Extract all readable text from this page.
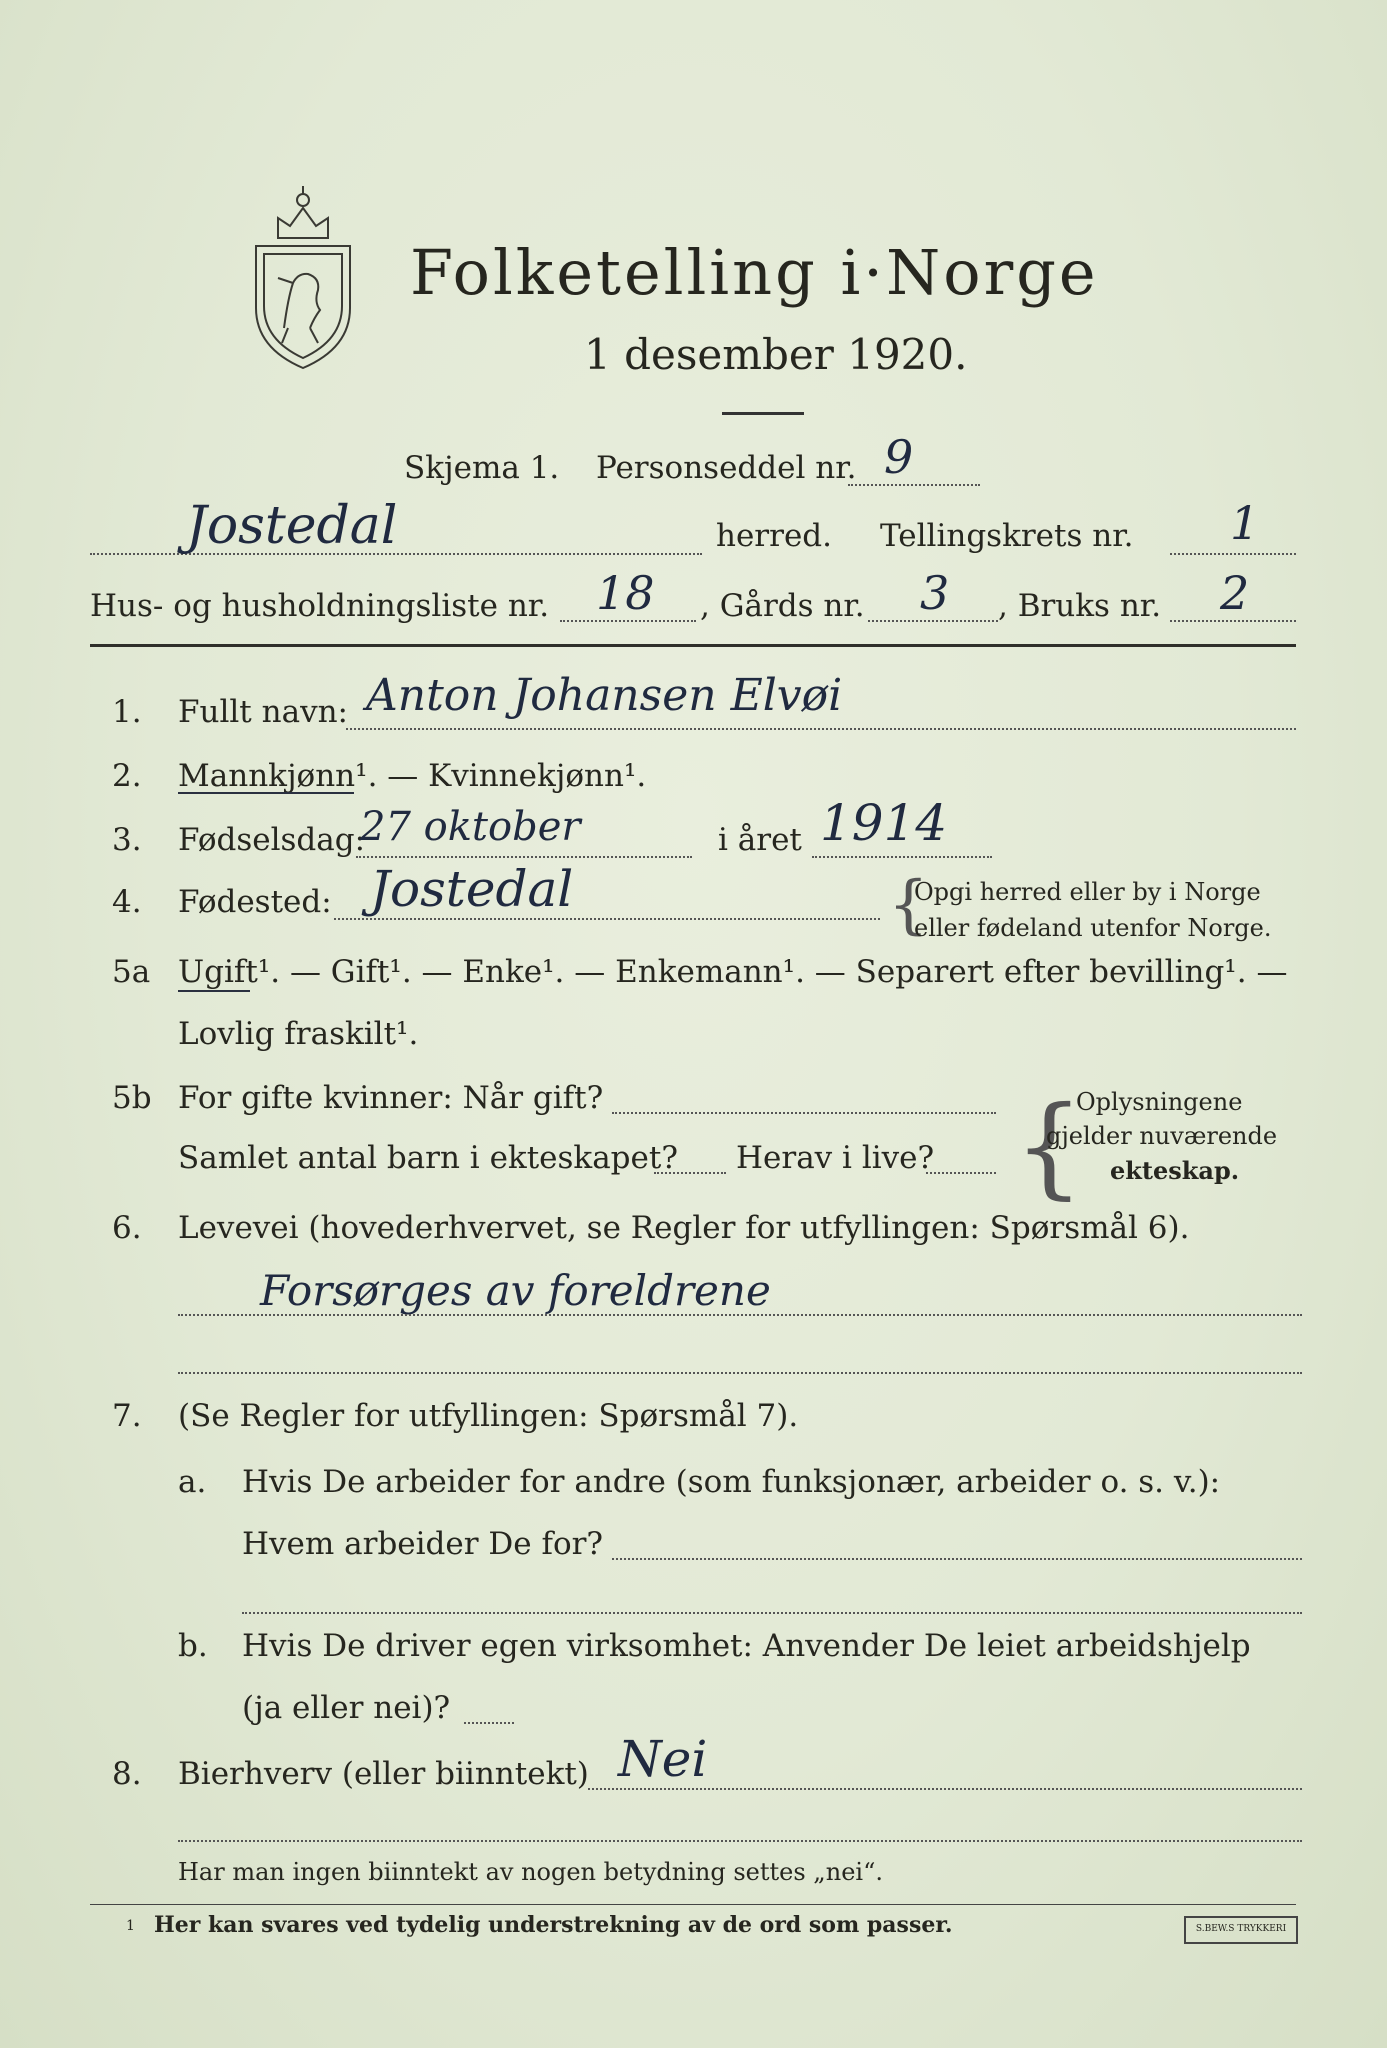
Folketelling i·Norge
1 desember 1920.
Skjema 1. Personseddel nr. 9
Jostedal	herred. Tellingskrets nr. 1
Hus- og husholdningsliste nr. 18 , Gårds nr. 3 , Bruks nr. 2
1. Fullt navn: Anton Johansen Elvøi
2. Mannkjønn¹. — Kvinnekjønn¹.
3. Fødselsdag:
27 oktober	i året 1914
4. Fødested: Jostedal	{
Opgi herred eller by i Norge
eller fødeland utenfor Norge.
5a Ugift¹. — Gift¹. — Enke¹. — Enkemann¹. — Separert efter bevilling¹. —
Lovlig fraskilt¹.
5b For gifte kvinner: Når gift?
Samlet antal barn i ekteskapet? Herav i live? {
Oplysningene
gjelder nuværende
ekteskap.
6. Levevei (hovederhvervet, se Regler for utfyllingen: Spørsmål 6).
Forsørges av foreldrene
7. (Se Regler for utfyllingen: Spørsmål 7).
a. Hvis De arbeider for andre (som funksjonær, arbeider o. s. v.):
Hvem arbeider De for?
b. Hvis De driver egen virksomhet: Anvender De leiet arbeidshjelp
(ja eller nei)?
8. Bierhverv (eller biinntekt) Nei
Har man ingen biinntekt av nogen betydning settes „nei“.
1 Her kan svares ved tydelig understrekning av de ord som passer.	S.BEW.S TRYKKERI
